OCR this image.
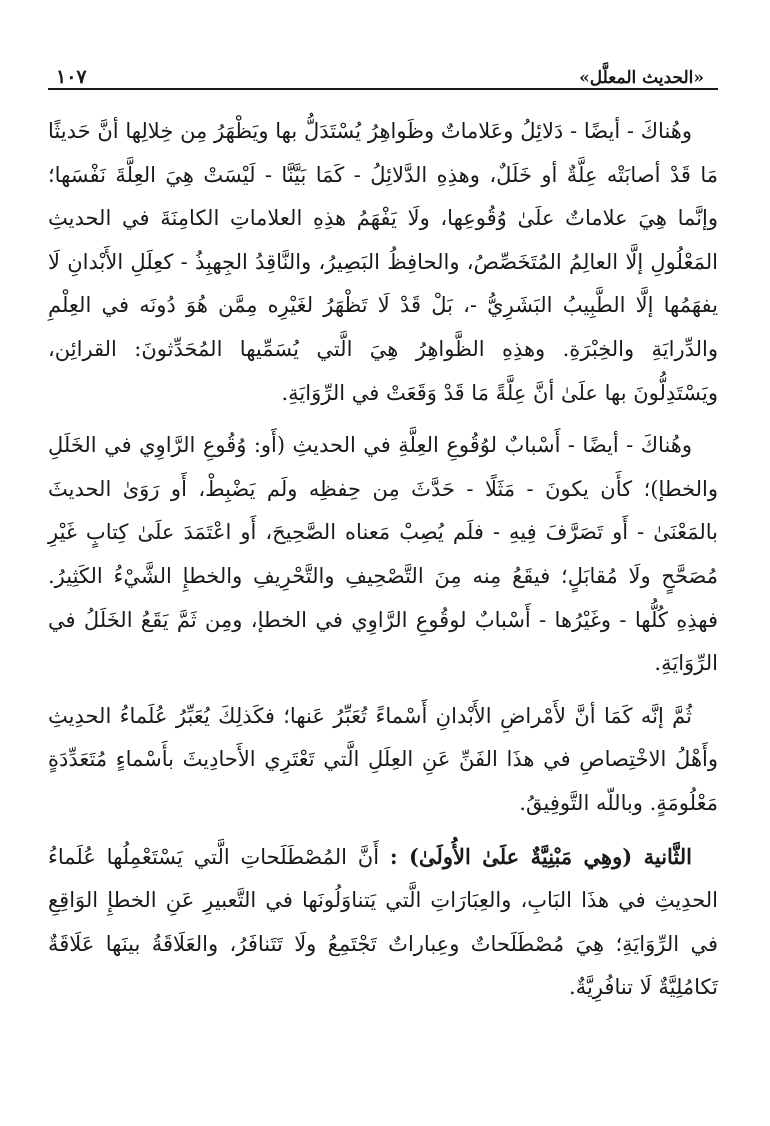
«الحديث المعلَّل»
١٠٧

وهُناكَ - أيضًا - دَلائِلُ وعَلاماتٌ وظَواهِرُ يُسْتَدَلُّ بها ويَظْهَرُ مِن خِلالِها أنَّ حَديثًا مَا قَدْ أصابَتْه عِلَّةٌ أو خَلَلٌ، وهذِهِ الدَّلائِلُ - كَمَا بَيَّنَّا - لَيْسَتْ هِيَ العِلَّةَ نَفْسَها؛ وإنَّما هِيَ علاماتٌ علَىٰ وُقُوعِها، ولَا يَفْهَمُ هذِهِ العلاماتِ الكامِنَةَ في الحديثِ المَعْلُولِ إلَّا العالِمُ المُتَخَصِّصُ، والحافِظُ البَصِيرُ، والنَّاقِدُ الجِهبِذُ - كعِلَلِ الأَبْدانِ لَا يفهَمُها إلَّا الطَّبِيبُ البَشَرِيُّ -، بَلْ قَدْ لَا تَظْهَرُ لغَيْرِه مِمَّن هُوَ دُونَه في العِلْمِ والدِّرايَةِ والخِبْرَةِ. وهذِهِ الظَّواهِرُ هِيَ الَّتي يُسَمِّيها المُحَدِّثونَ: القرائِن، ويَسْتَدِلُّونَ بها علَىٰ أنَّ عِلَّةً مَا قَدْ وَقَعَتْ في الرِّوَايَةِ.

وهُناكَ - أيضًا - أَسْبابٌ لوُقُوعِ العِلَّةِ في الحديثِ (أَو: وُقُوعِ الرَّاوِي في الخَلَلِ والخطإ)؛ كأَن يكونَ - مَثَلًا - حَدَّثَ مِن حِفظِه ولَم يَضْبِطْ، أَو رَوَىٰ الحديثَ بالمَعْنَىٰ - أَو تَصَرَّفَ فِيهِ - فلَم يُصِبْ مَعناه الصَّحِيحَ، أَو اعْتَمَدَ علَىٰ كِتابٍ غَيْرِ مُصَحَّحٍ ولَا مُقابَلٍ؛ فيقَعُ مِنه مِنَ التَّصْحِيفِ والتَّحْرِيفِ والخطإِ الشَّيْءُ الكَثِيرُ. فهذِهِ كُلُّها - وغَيْرُها - أَسْبابٌ لوقُوعِ الرَّاوِي في الخطإ، ومِن ثَمَّ يَقَعُ الخَلَلُ في الرِّوَايَةِ.

ثُمَّ إنَّه كَمَا أنَّ لأَمْراضِ الأَبْدانِ أَسْماءً تُعَبِّرُ عَنها؛ فكَذلِكَ يُعَبِّرُ عُلَماءُ الحدِيثِ وأَهْلُ الاخْتِصاصِ في هذَا الفَنِّ عَنِ العِلَلِ الَّتي تَعْتَرِي الأَحادِيثَ بأَسْماءٍ مُتَعَدِّدَةٍ مَعْلُومَةٍ. وباللّه التَّوفِيقُ.

الثَّانية (وهِي مَبْنِيَّةٌ علَىٰ الأُولَىٰ) : أَنَّ المُصْطَلَحاتِ الَّتي يَسْتَعْمِلُها عُلَماءُ الحدِيثِ في هذَا البَابِ، والعِبَارَاتِ الَّتي يَتناوَلُونَها في التَّعبيرِ عَنِ الخطإِ الوَاقِعِ في الرِّوَايَةِ؛ هِيَ مُصْطَلَحاتٌ وعِباراتٌ تَجْتَمِعُ ولَا تَتَنافَرُ، والعَلَاقَةُ بينَها عَلَاقَةٌ تَكامُلِيَّةٌ لَا تنافُرِيَّةٌ.
